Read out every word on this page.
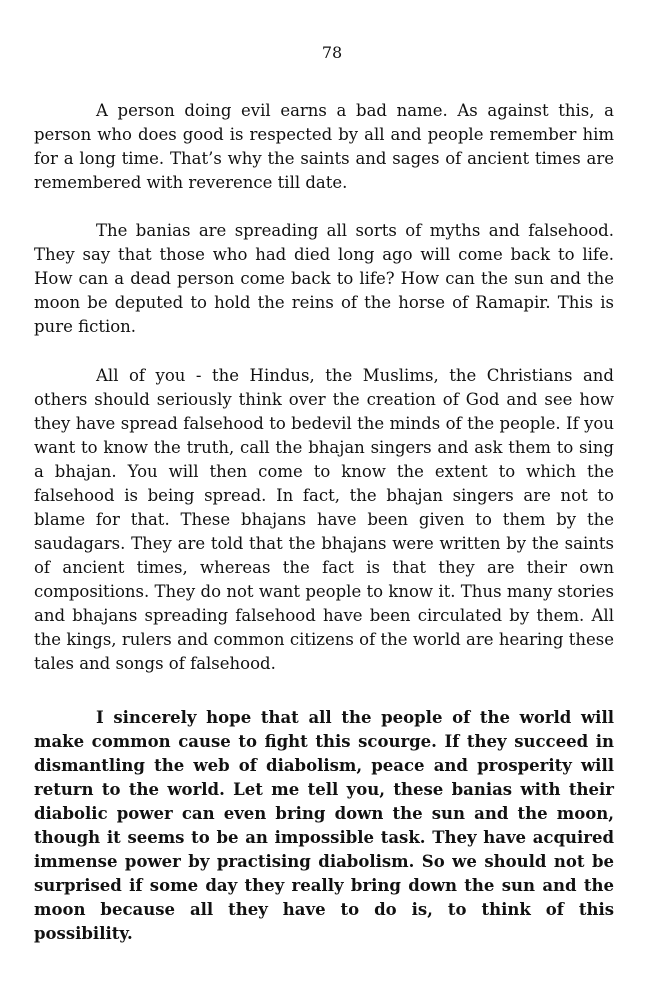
78

A person doing evil earns a bad name. As against this, a person who does good is respected by all and people remember him for a long time. That’s why the saints and sages of ancient times are remembered with reverence till date.

The banias are spreading all sorts of myths and falsehood. They say that those who had died long ago will come back to life. How can a dead person come back to life? How can the sun and the moon be deputed to hold the reins of the horse of Ramapir. This is pure fiction.

All of you - the Hindus, the Muslims, the Christians and others should seriously think over the creation of God and see how they have spread falsehood to bedevil the minds of the people. If you want to know the truth, call the bhajan singers and ask them to sing a bhajan. You will then come to know the extent to which the falsehood is being spread. In fact, the bhajan singers are not to blame for that. These bhajans have been given to them by the saudagars. They are told that the bhajans were written by the saints of ancient times, whereas the fact is that they are their own compositions. They do not want people to know it. Thus many stories and bhajans spreading falsehood have been circulated by them. All the kings, rulers and common citizens of the world are hearing these tales and songs of falsehood.

I sincerely hope that all the people of the world will make common cause to fight this scourge. If they succeed in dismantling the web of diabolism, peace and prosperity will return to the world. Let me tell you, these banias with their diabolic power can even bring down the sun and the moon, though it seems to be an impossible task. They have acquired immense power by practising diabolism. So we should not be surprised if some day they really bring down the sun and the moon because all they have to do is, to think of this possibility.
